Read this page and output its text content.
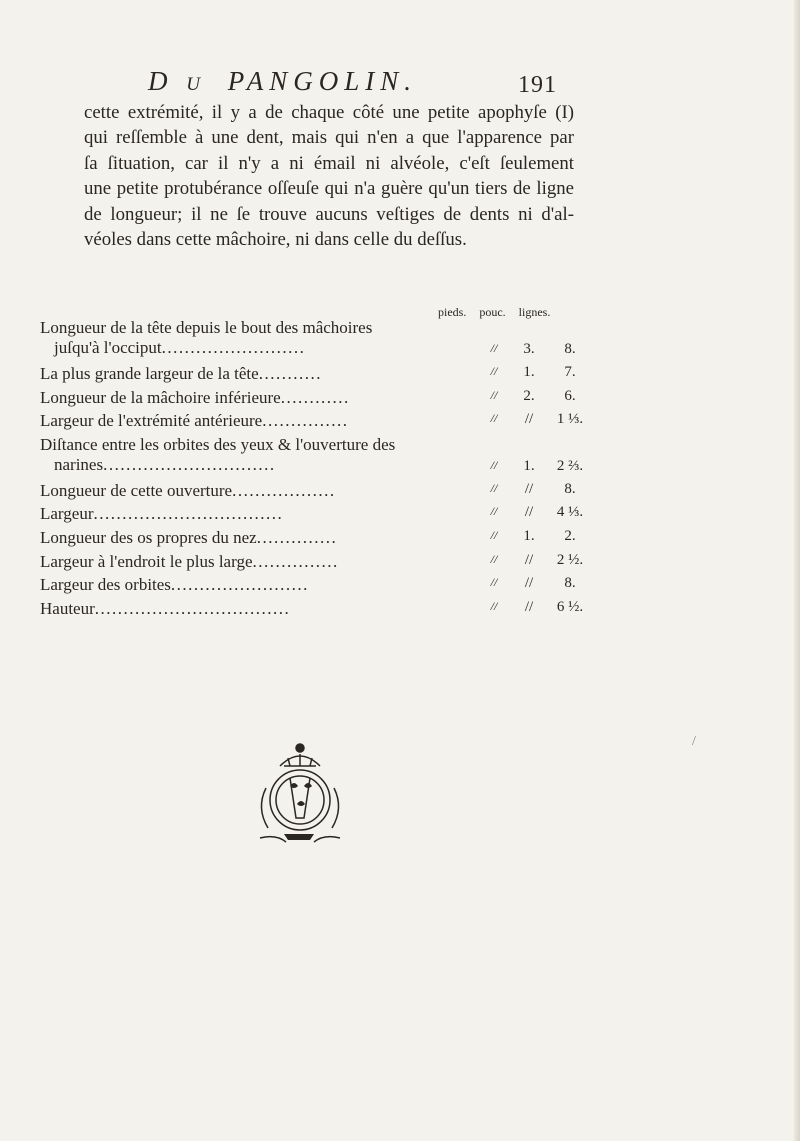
D U PANGOLIN.	191
cette extrémité, il y a de chaque côté une petite apophyſe (I)
qui reſſemble à une dent, mais qui n'en a que l'apparence par
ſa ſituation, car il n'y a ni émail ni alvéole, c'eſt ſeulement
une petite protubérance oſſeuſe qui n'a guère qu'un tiers de ligne
de longueur; il ne ſe trouve aucuns veſtiges de dents ni d'al-
véoles dans cette mâchoire, ni dans celle du deſſus.
pieds. pouc. lignes.
Longueur de la tête depuis le bout des mâchoires
juſqu'à l'occiput.........................	//	3.	8.
La plus grande largeur de la tête...........	//	1.	7.
Longueur de la mâchoire inférieure............	//	2.	6.
Largeur de l'extrémité antérieure...............	//	//	1 ⅓.
Diſtance entre les orbites des yeux & l'ouverture des
narines..............................	//	1.	2 ⅔.
Longueur de cette ouverture..................	//	//	8.
Largeur.................................	//	//	4 ⅓.
Longueur des os propres du nez..............	//	1.	2.
Largeur à l'endroit le plus large...............	//	//	2 ½.
Largeur des orbites........................	//	//	8.
Hauteur..................................	//	//	6 ½.
/
